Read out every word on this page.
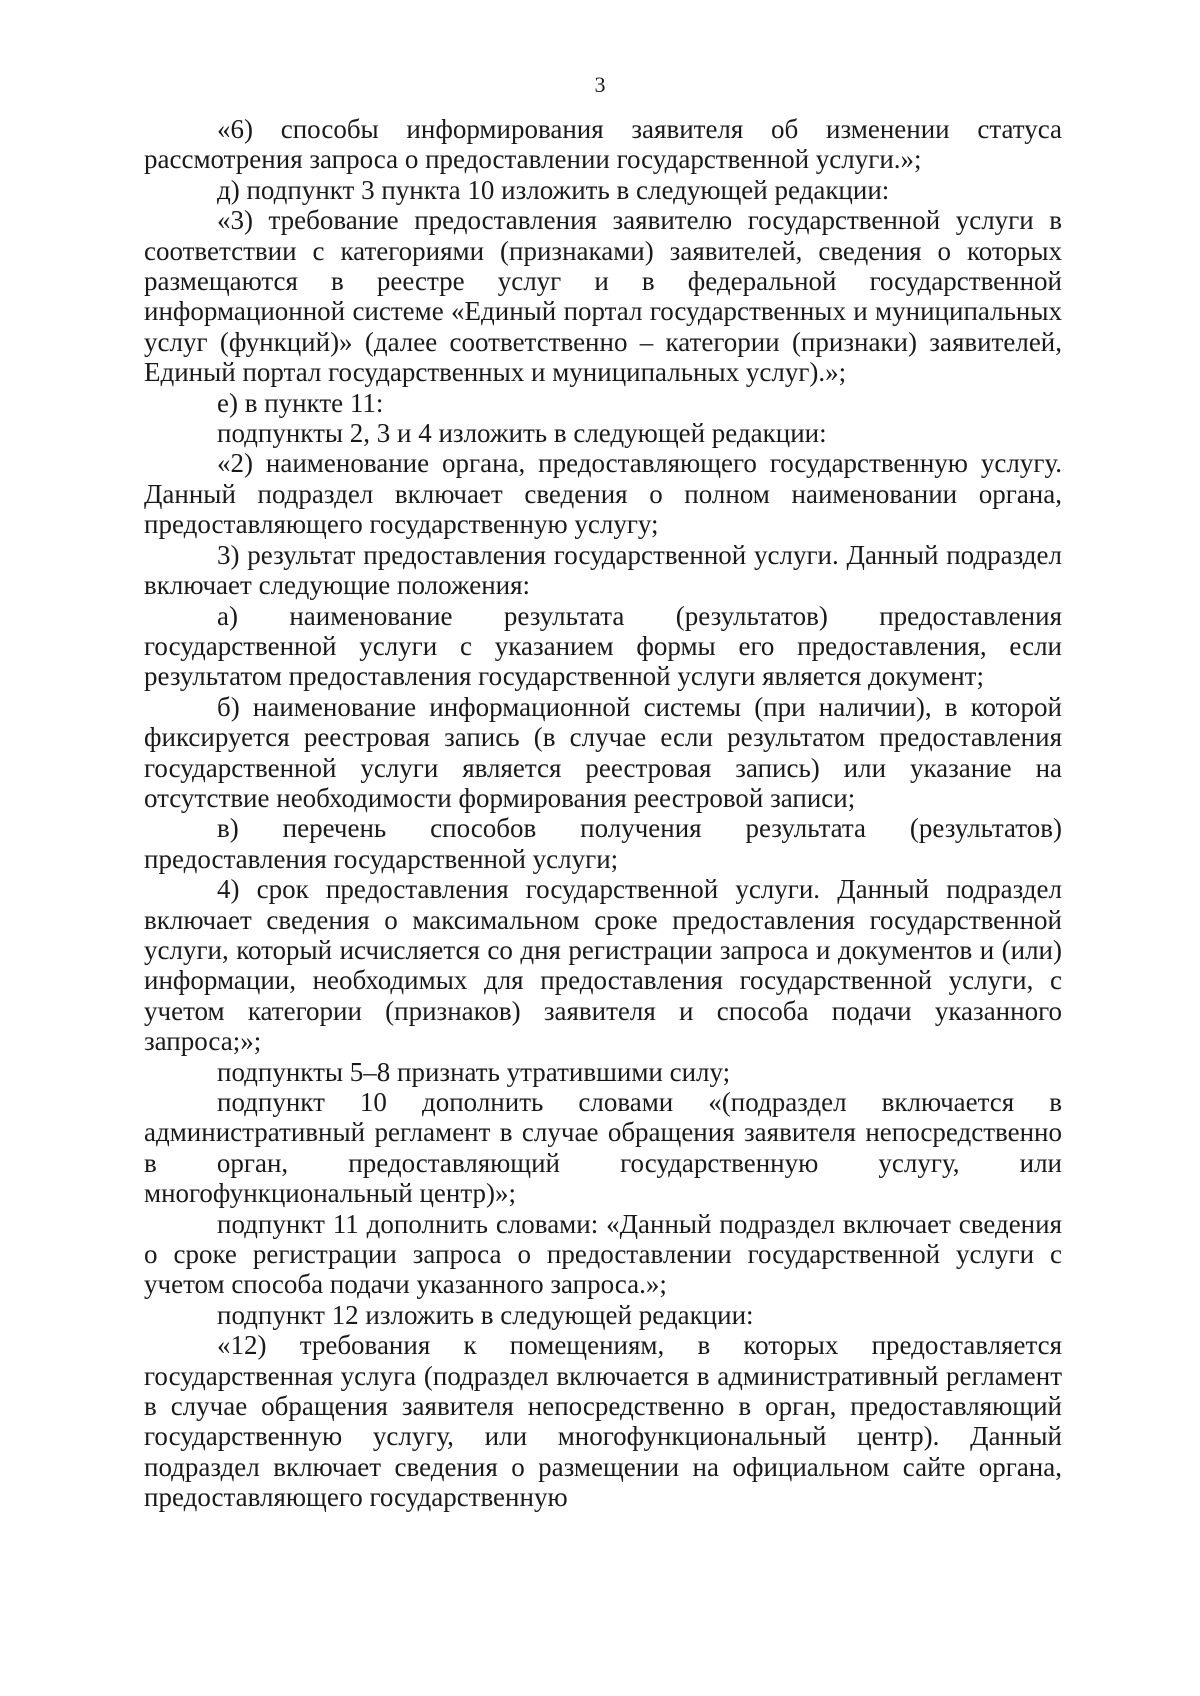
3

«6) способы информирования заявителя об изменении статуса рассмотрения запроса о предоставлении государственной услуги.»;

д) подпункт 3 пункта 10 изложить в следующей редакции:

«3) требование предоставления заявителю государственной услуги в соответствии с категориями (признаками) заявителей, сведения о которых размещаются в реестре услуг и в федеральной государственной информационной системе «Единый портал государственных и муниципальных услуг (функций)» (далее соответственно – категории (признаки) заявителей, Единый портал государственных и муниципальных услуг).»;

е) в пункте 11:

подпункты 2, 3 и 4 изложить в следующей редакции:

«2) наименование органа, предоставляющего государственную услугу. Данный подраздел включает сведения о полном наименовании органа, предоставляющего государственную услугу;

3) результат предоставления государственной услуги. Данный подраздел включает следующие положения:

а) наименование результата (результатов) предоставления государственной услуги с указанием формы его предоставления, если результатом предоставления государственной услуги является документ;

б) наименование информационной системы (при наличии), в которой фиксируется реестровая запись (в случае если результатом предоставления государственной услуги является реестровая запись) или указание на отсутствие необходимости формирования реестровой записи;

в) перечень способов получения результата (результатов) предоставления государственной услуги;

4) срок предоставления государственной услуги. Данный подраздел включает сведения о максимальном сроке предоставления государственной услуги, который исчисляется со дня регистрации запроса и документов и (или) информации, необходимых для предоставления государственной услуги, с учетом категории (признаков) заявителя и способа подачи указанного запроса;»;

подпункты 5–8 признать утратившими силу;

подпункт 10 дополнить словами «(подраздел включается в административный регламент в случае обращения заявителя непосредственно в орган, предоставляющий государственную услугу, или многофункциональный центр)»;

подпункт 11 дополнить словами: «Данный подраздел включает сведения о сроке регистрации запроса о предоставлении государственной услуги с учетом способа подачи указанного запроса.»;

подпункт 12 изложить в следующей редакции:

«12) требования к помещениям, в которых предоставляется государственная услуга (подраздел включается в административный регламент в случае обращения заявителя непосредственно в орган, предоставляющий государственную услугу, или многофункциональный центр). Данный подраздел включает сведения о размещении на официальном сайте органа, предоставляющего государственную
